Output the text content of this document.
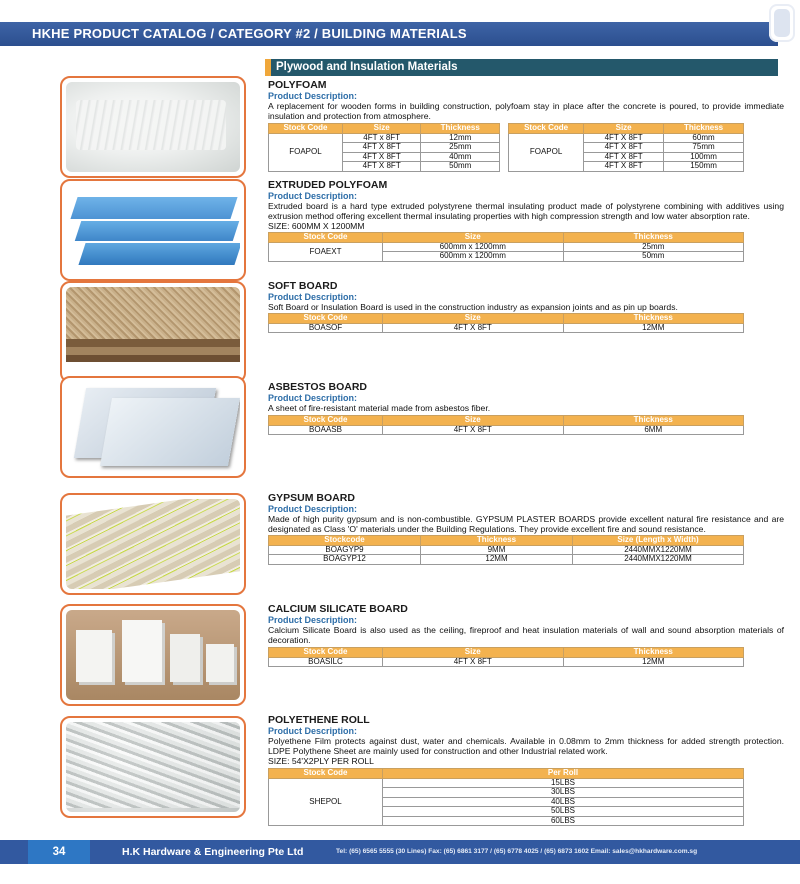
HKHE PRODUCT CATALOG / CATEGORY #2 / BUILDING MATERIALS
Plywood and Insulation Materials
POLYFOAM
Product Description:

A replacement for wooden forms in building construction, polyfoam stay in place after the concrete is poured, to provide immediate insulation and protection from atmosphere.

Stock Code	Size	Thickness
FOAPOL	4FT x 8FT	12mm
	4FT X 8FT	25mm
	4FT X 8FT	40mm
	4FT X 8FT	50mm
Stock Code	Size	Thickness
FOAPOL	4FT X 8FT	60mm
	4FT X 8FT	75mm
	4FT X 8FT	100mm
	4FT X 8FT	150mm
EXTRUDED POLYFOAM
Product Description:

Extruded board is a hard type extruded polystyrene thermal insulating product made of polystyrene combining with additives using extrusion method offering excellent thermal insulating properties with high compression strength and low water absorption rate.

SIZE: 600MM X 1200MM
Stock Code	Size	Thickness
FOAEXT	600mm x 1200mm	25mm
	600mm x 1200mm	50mm
SOFT BOARD
Product Description:

Soft Board or Insulation Board is used in the construction industry as expansion joints and as pin up boards.

Stock Code	Size	Thickness
BOASOF	4FT X 8FT	12MM
ASBESTOS BOARD
Product Description:

A sheet of fire-resistant material made from asbestos fiber.

Stock Code	Size	Thickness
BOAASB	4FT X 8FT	6MM
GYPSUM BOARD
Product Description:

Made of high purity gypsum and is non-combustible. GYPSUM PLASTER BOARDS provide excellent natural fire resistance and are designated as Class 'O' materials under the Building Regulations. They provide excellent fire and sound resistance.

Stockcode	Thickness	Size (Length x Width)
BOAGYP9	9MM	2440MMX1220MM
BOAGYP12	12MM	2440MMX1220MM
CALCIUM SILICATE BOARD
Product Description:

Calcium Silicate Board is also used as the ceiling, fireproof and heat insulation materials of wall and sound absorption materials of decoration.

Stock Code	Size	Thickness
BOASILC	4FT X 8FT	12MM
POLYETHENE ROLL
Product Description:

Polyethene Film protects against dust, water and chemicals. Available in 0.08mm to 2mm thickness for added strength protection. LDPE Polythene Sheet are mainly used for construction and other Industrial related work.

SIZE: 54'X2PLY PER ROLL
Stock Code	Per Roll
SHEPOL	15LBS
	30LBS
	40LBS
	50LBS
	60LBS
34	H.K Hardware & Engineering Pte Ltd	Tel: (65) 6565 5555 (30 Lines) Fax: (65) 6861 3177 / (65) 6778 4025 / (65) 6873 1602 Email: sales@hkhardware.com.sg
